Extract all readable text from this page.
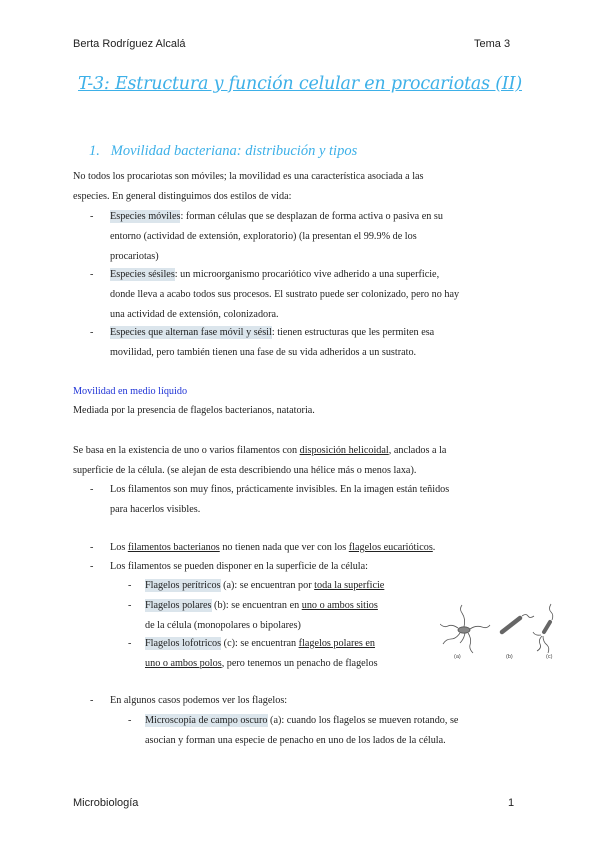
Berta Rodríguez Alcalá	Tema 3
T-3: Estructura y función celular en procariotas (II)
1. Movilidad bacteriana: distribución y tipos
No todos los procariotas son móviles; la movilidad es una característica asociada a las
especies. En general distinguimos dos estilos de vida:
- Especies móviles: forman células que se desplazan de forma activa o pasiva en su
entorno (actividad de extensión, exploratorio) (la presentan el 99.9% de los
procariotas)
- Especies sésiles: un microorganismo procariótico vive adherido a una superficie,
donde lleva a acabo todos sus procesos. El sustrato puede ser colonizado, pero no hay
una actividad de extensión, colonizadora.
- Especies que alternan fase móvil y sésil: tienen estructuras que les permiten esa
movilidad, pero también tienen una fase de su vida adheridos a un sustrato.
Movilidad en medio líquido
Mediada por la presencia de flagelos bacterianos, natatoria.
Se basa en la existencia de uno o varios filamentos con disposición helicoidal, anclados a la
superficie de la célula. (se alejan de esta describiendo una hélice más o menos laxa).
- Los filamentos son muy finos, prácticamente invisibles. En la imagen están teñidos
para hacerlos visibles.
- Los filamentos bacterianos no tienen nada que ver con los flagelos eucarióticos.
- Los filamentos se pueden disponer en la superficie de la célula:
- Flagelos perítricos (a): se encuentran por toda la superficie
- Flagelos polares (b): se encuentran en uno o ambos sitios
de la célula (monopolares o bipolares)
- Flagelos lofotricos (c): se encuentran flagelos polares en
uno o ambos polos, pero tenemos un penacho de flagelos
(a)	(b)	(c)
- En algunos casos podemos ver los flagelos:
- Microscopía de campo oscuro (a): cuando los flagelos se mueven rotando, se
asocian y forman una especie de penacho en uno de los lados de la célula.
Microbiología	1
